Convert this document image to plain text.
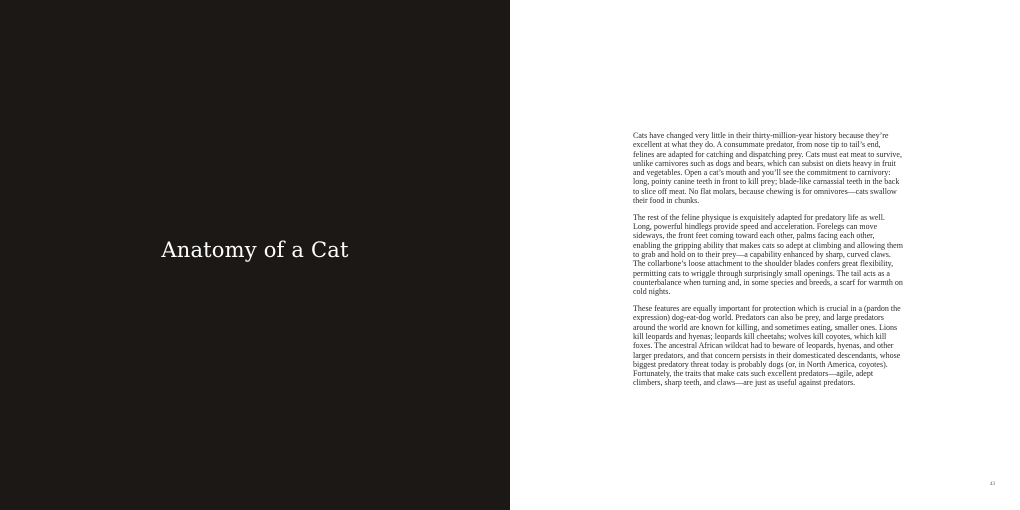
Anatomy of a Cat

Cats have changed very little in their thirty-million-year history because they’re excellent at what they do. A consummate predator, from nose tip to tail’s end, felines are adapted for catching and dispatching prey. Cats must eat meat to survive, unlike carnivores such as dogs and bears, which can subsist on diets heavy in fruit and vegetables. Open a cat’s mouth and you’ll see the commitment to carnivory: long, pointy canine teeth in front to kill prey; blade-like carnassial teeth in the back to slice off meat. No flat molars, because chewing is for omnivores—cats swallow their food in chunks.

The rest of the feline physique is exquisitely adapted for predatory life as well. Long, powerful hindlegs provide speed and acceleration. Forelegs can move sideways, the front feet coming toward each other, palms facing each other, enabling the gripping ability that makes cats so adept at climbing and allowing them to grab and hold on to their prey—a capability enhanced by sharp, curved claws. The collarbone’s loose attachment to the shoulder blades confers great flexibility, permitting cats to wriggle through surprisingly small openings. The tail acts as a counterbalance when turning and, in some species and breeds, a scarf for warmth on cold nights.

These features are equally important for protection which is crucial in a (pardon the expression) dog-eat-dog world. Predators can also be prey, and large predators around the world are known for killing, and sometimes eating, smaller ones. Lions kill leopards and hyenas; leopards kill cheetahs; wolves kill coyotes, which kill foxes. The ancestral African wildcat had to beware of leopards, hyenas, and other larger predators, and that concern persists in their domesticated descendants, whose biggest predatory threat today is probably dogs (or, in North America, coyotes). Fortunately, the traits that make cats such excellent predators—agile, adept climbers, sharp teeth, and claws—are just as useful against predators.

43
